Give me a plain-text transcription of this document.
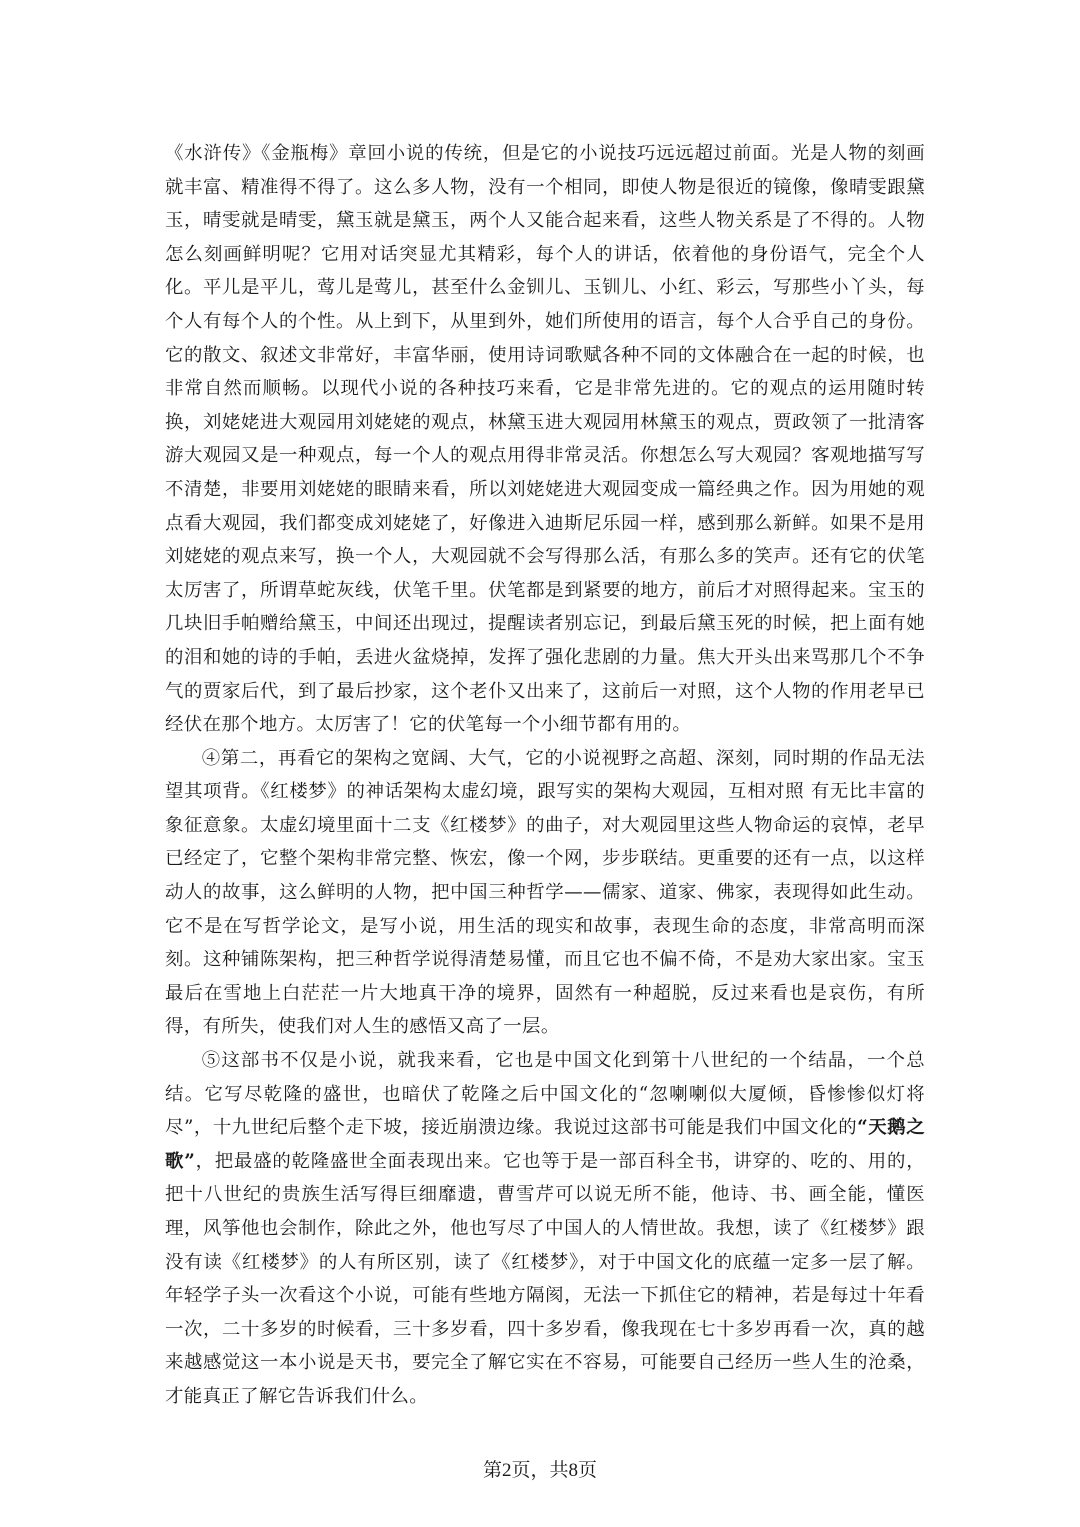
《水浒传》《金瓶梅》章回小说的传统，但是它的小说技巧远远超过前面。光是人物的刻画就丰富、精准得不得了。这么多人物，没有一个相同，即使人物是很近的镜像，像晴雯跟黛玉，晴雯就是晴雯，黛玉就是黛玉，两个人又能合起来看，这些人物关系是了不得的。人物怎么刻画鲜明呢？它用对话突显尤其精彩，每个人的讲话，依着他的身份语气，完全个人化。平儿是平儿，莺儿是莺儿，甚至什么金钏儿、玉钏儿、小红、彩云，写那些小丫头，每个人有每个人的个性。从上到下，从里到外，她们所使用的语言，每个人合乎自己的身份。它的散文、叙述文非常好，丰富华丽，使用诗词歌赋各种不同的文体融合在一起的时候，也非常自然而顺畅。以现代小说的各种技巧来看，它是非常先进的。它的观点的运用随时转换，刘姥姥进大观园用刘姥姥的观点，林黛玉进大观园用林黛玉的观点，贾政领了一批清客游大观园又是一种观点，每一个人的观点用得非常灵活。你想怎么写大观园？客观地描写写不清楚，非要用刘姥姥的眼睛来看，所以刘姥姥进大观园变成一篇经典之作。因为用她的观点看大观园，我们都变成刘姥姥了，好像进入迪斯尼乐园一样，感到那么新鲜。如果不是用刘姥姥的观点来写，换一个人，大观园就不会写得那么活，有那么多的笑声。还有它的伏笔太厉害了，所谓草蛇灰线，伏笔千里。伏笔都是到紧要的地方，前后才对照得起来。宝玉的几块旧手帕赠给黛玉，中间还出现过，提醒读者别忘记，到最后黛玉死的时候，把上面有她的泪和她的诗的手帕，丢进火盆烧掉，发挥了强化悲剧的力量。焦大开头出来骂那几个不争气的贾家后代，到了最后抄家，这个老仆又出来了，这前后一对照，这个人物的作用老早已经伏在那个地方。太厉害了！它的伏笔每一个小细节都有用的。

④第二，再看它的架构之宽阔、大气，它的小说视野之高超、深刻，同时期的作品无法望其项背。《红楼梦》的神话架构太虚幻境，跟写实的架构大观园，互相对照 有无比丰富的象征意象。太虚幻境里面十二支《红楼梦》的曲子，对大观园里这些人物命运的哀悼，老早已经定了，它整个架构非常完整、恢宏，像一个网，步步联结。更重要的还有一点，以这样动人的故事，这么鲜明的人物，把中国三种哲学——儒家、道家、佛家，表现得如此生动。它不是在写哲学论文，是写小说，用生活的现实和故事，表现生命的态度，非常高明而深刻。这种铺陈架构，把三种哲学说得清楚易懂，而且它也不偏不倚，不是劝大家出家。宝玉最后在雪地上白茫茫一片大地真干净的境界，固然有一种超脱，反过来看也是哀伤，有所得，有所失，使我们对人生的感悟又高了一层。

⑤这部书不仅是小说，就我来看，它也是中国文化到第十八世纪的一个结晶，一个总结。它写尽乾隆的盛世，也暗伏了乾隆之后中国文化的“忽喇喇似大厦倾，昏惨惨似灯将尽”，十九世纪后整个走下坡，接近崩溃边缘。我说过这部书可能是我们中国文化的“天鹅之歌”，把最盛的乾隆盛世全面表现出来。它也等于是一部百科全书，讲穿的、吃的、用的，把十八世纪的贵族生活写得巨细靡遗，曹雪芹可以说无所不能，他诗、书、画全能，懂医理，风筝他也会制作，除此之外，他也写尽了中国人的人情世故。我想，读了《红楼梦》跟没有读《红楼梦》的人有所区别，读了《红楼梦》，对于中国文化的底蕴一定多一层了解。年轻学子头一次看这个小说，可能有些地方隔阂，无法一下抓住它的精神，若是每过十年看一次，二十多岁的时候看，三十多岁看，四十多岁看，像我现在七十多岁再看一次，真的越来越感觉这一本小说是天书，要完全了解它实在不容易，可能要自己经历一些人生的沧桑，才能真正了解它告诉我们什么。

第2页，共8页
